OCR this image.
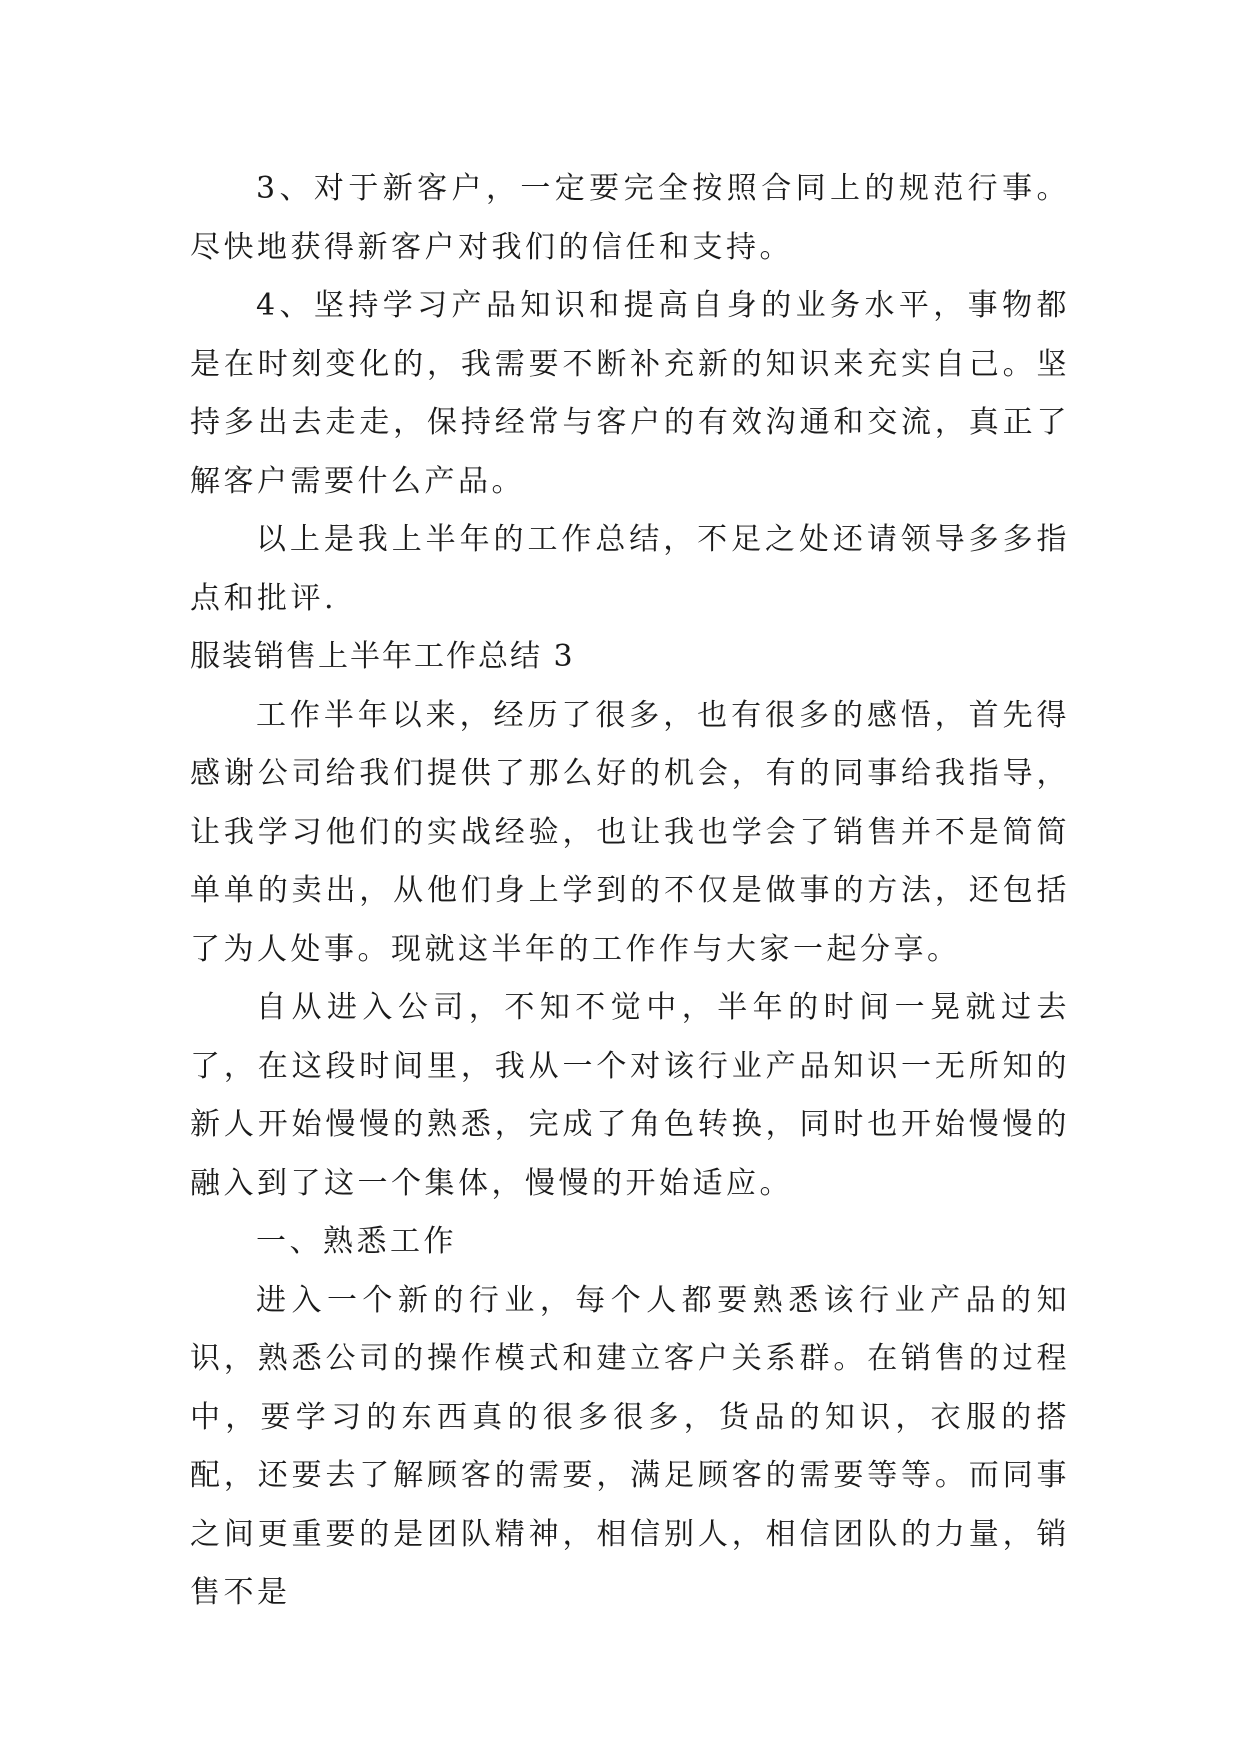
3、对于新客户，一定要完全按照合同上的规范行事。尽快地获得新客户对我们的信任和支持。

4、坚持学习产品知识和提高自身的业务水平，事物都是在时刻变化的，我需要不断补充新的知识来充实自己。坚持多出去走走，保持经常与客户的有效沟通和交流，真正了解客户需要什么产品。

以上是我上半年的工作总结，不足之处还请领导多多指点和批评.

服装销售上半年工作总结 3

工作半年以来，经历了很多，也有很多的感悟，首先得感谢公司给我们提供了那么好的机会，有的同事给我指导，让我学习他们的实战经验，也让我也学会了销售并不是简简单单的卖出，从他们身上学到的不仅是做事的方法，还包括了为人处事。现就这半年的工作作与大家一起分享。

自从进入公司，不知不觉中，半年的时间一晃就过去了，在这段时间里，我从一个对该行业产品知识一无所知的新人开始慢慢的熟悉，完成了角色转换，同时也开始慢慢的融入到了这一个集体，慢慢的开始适应。

一、熟悉工作

进入一个新的行业，每个人都要熟悉该行业产品的知识，熟悉公司的操作模式和建立客户关系群。在销售的过程中，要学习的东西真的很多很多，货品的知识，衣服的搭配，还要去了解顾客的需要，满足顾客的需要等等。而同事之间更重要的是团队精神，相信别人，相信团队的力量，销售不是
